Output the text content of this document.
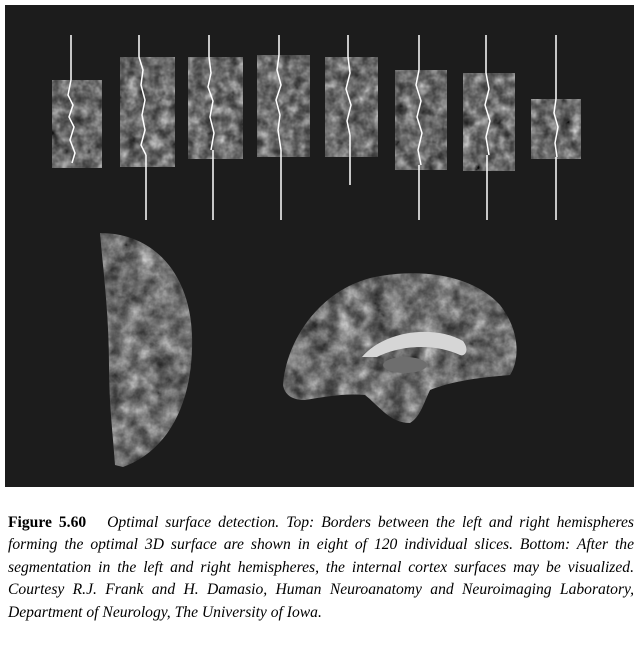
Figure 5.60 Optimal surface detection. Top: Borders between the left and right hemispheres forming the optimal 3D surface are shown in eight of 120 individual slices. Bottom: After the segmentation in the left and right hemispheres, the internal cortex surfaces may be visualized. Courtesy R.J. Frank and H. Damasio, Human Neuroanatomy and Neuroimaging Laboratory, Department of Neurology, The University of Iowa.
